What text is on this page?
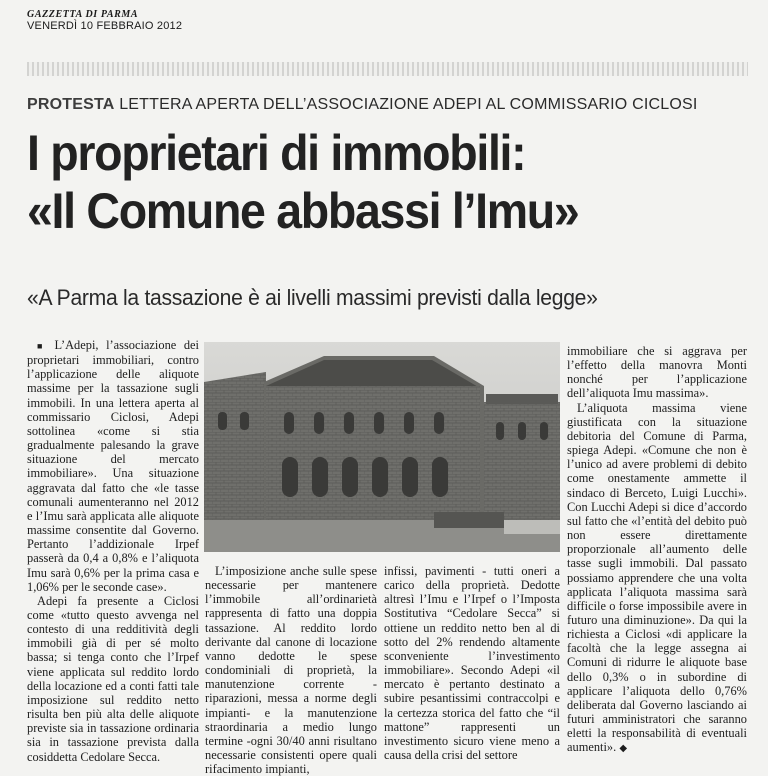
GAZZETTA DI PARMA
VENERDÌ 10 FEBBRAIO 2012
PROTESTA LETTERA APERTA DELL’ASSOCIAZIONE ADEPI AL COMMISSARIO CICLOSI
I proprietari di immobili:
«Il Comune abbassi l’Imu»
«A Parma la tassazione è ai livelli massimi previsti dalla legge»

■ L’Adepi, l’associazione dei proprietari immobiliari, contro l’applicazione delle aliquote massime per la tassazione sugli immobili. In una lettera aperta al commissario Ciclosi, Adepi sottolinea «come si stia gradualmente palesando la grave situazione del mercato immobiliare». Una situazione aggravata dal fatto che «le tasse comunali aumenteranno nel 2012 e l’Imu sarà applicata alle aliquote massime consentite dal Governo. Pertanto l’addizionale Irpef passerà da 0,4 a 0,8% e l’aliquota Imu sarà 0,6% per la prima casa e 1,06% per le seconde case».

Adepi fa presente a Ciclosi come «tutto questo avvenga nel contesto di una redditività degli immobili già di per sé molto bassa; si tenga conto che l’Irpef viene applicata sul reddito lordo della locazione ed a conti fatti tale imposizione sul reddito netto risulta ben più alta delle aliquote previste sia in tassazione ordinaria sia in tassazione prevista dalla cosiddetta Cedolare Secca.

L’imposizione anche sulle spese necessarie per mantenere l’immobile all’ordinarietà rappresenta di fatto una doppia tassazione. Al reddito lordo derivante dal canone di locazione vanno dedotte le spese condominiali di proprietà, la manutenzione corrente -riparazioni, messa a norme degli impianti- e la manutenzione straordinaria a medio lungo termine -ogni 30/40 anni risultano necessarie consistenti opere quali rifacimento impianti,

infissi, pavimenti - tutti oneri a carico della proprietà. Dedotte altresì l’Imu e l’Irpef o l’Imposta Sostitutiva “Cedolare Secca” si ottiene un reddito netto ben al di sotto del 2% rendendo altamente sconveniente l’investimento immobiliare». Secondo Adepi «il mercato è pertanto destinato a subire pesantissimi contraccolpi e la certezza storica del fatto che “il mattone” rappresenti un investimento sicuro viene meno a causa della crisi del settore

immobiliare che si aggrava per l’effetto della manovra Monti nonché per l’applicazione dell’aliquota Imu massima».

L’aliquota massima viene giustificata con la situazione debitoria del Comune di Parma, spiega Adepi. «Comune che non è l’unico ad avere problemi di debito come onestamente ammette il sindaco di Berceto, Luigi Lucchi». Con Lucchi Adepi si dice d’accordo sul fatto che «l’entità del debito può non essere direttamente proporzionale all’aumento delle tasse sugli immobili. Dal passato possiamo apprendere che una volta applicata l’aliquota massima sarà difficile o forse impossibile avere in futuro una diminuzione». Da qui la richiesta a Ciclosi «di applicare la facoltà che la legge assegna ai Comuni di ridurre le aliquote base dello 0,3% o in subordine di applicare l’aliquota dello 0,76% deliberata dal Governo lasciando ai futuri amministratori che saranno eletti la responsabilità di eventuali aumenti». ◆
